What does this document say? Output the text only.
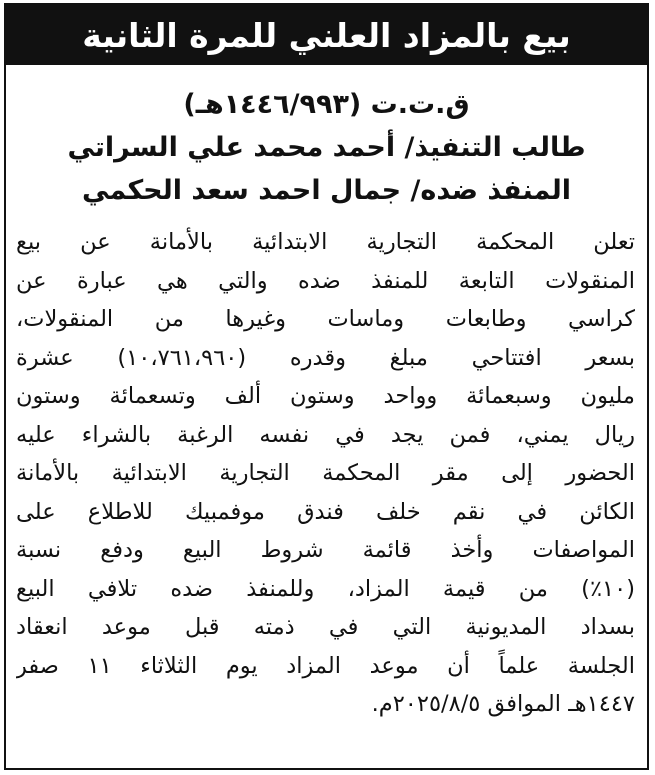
بيع بالمزاد العلني للمرة الثانية
ق.ت.ت (١٤٤٦/٩٩٣هـ)
طالب التنفيذ/ أحمد محمد علي السراتي
المنفذ ضده/ جمال احمد سعد الحكمي
تعلن المحكمة التجارية الابتدائية بالأمانة عن بيع
المنقولات التابعة للمنفذ ضده والتي هي عبارة عن
كراسي وطابعات وماسات وغيرها من المنقولات،
بسعر افتتاحي مبلغ وقدره (١٠،٧٦١،٩٦٠) عشرة
مليون وسبعمائة وواحد وستون ألف وتسعمائة وستون
ريال يمني، فمن يجد في نفسه الرغبة بالشراء عليه
الحضور إلى مقر المحكمة التجارية الابتدائية بالأمانة
الكائن في نقم خلف فندق موفمبيك للاطلاع على
المواصفات وأخذ قائمة شروط البيع ودفع نسبة
(١٠٪) من قيمة المزاد، وللمنفذ ضده تلافي البيع
بسداد المديونية التي في ذمته قبل موعد انعقاد
الجلسة علماً أن موعد المزاد يوم الثلاثاء ١١ صفر
١٤٤٧هـ الموافق ٢٠٢٥/٨/٥م.
